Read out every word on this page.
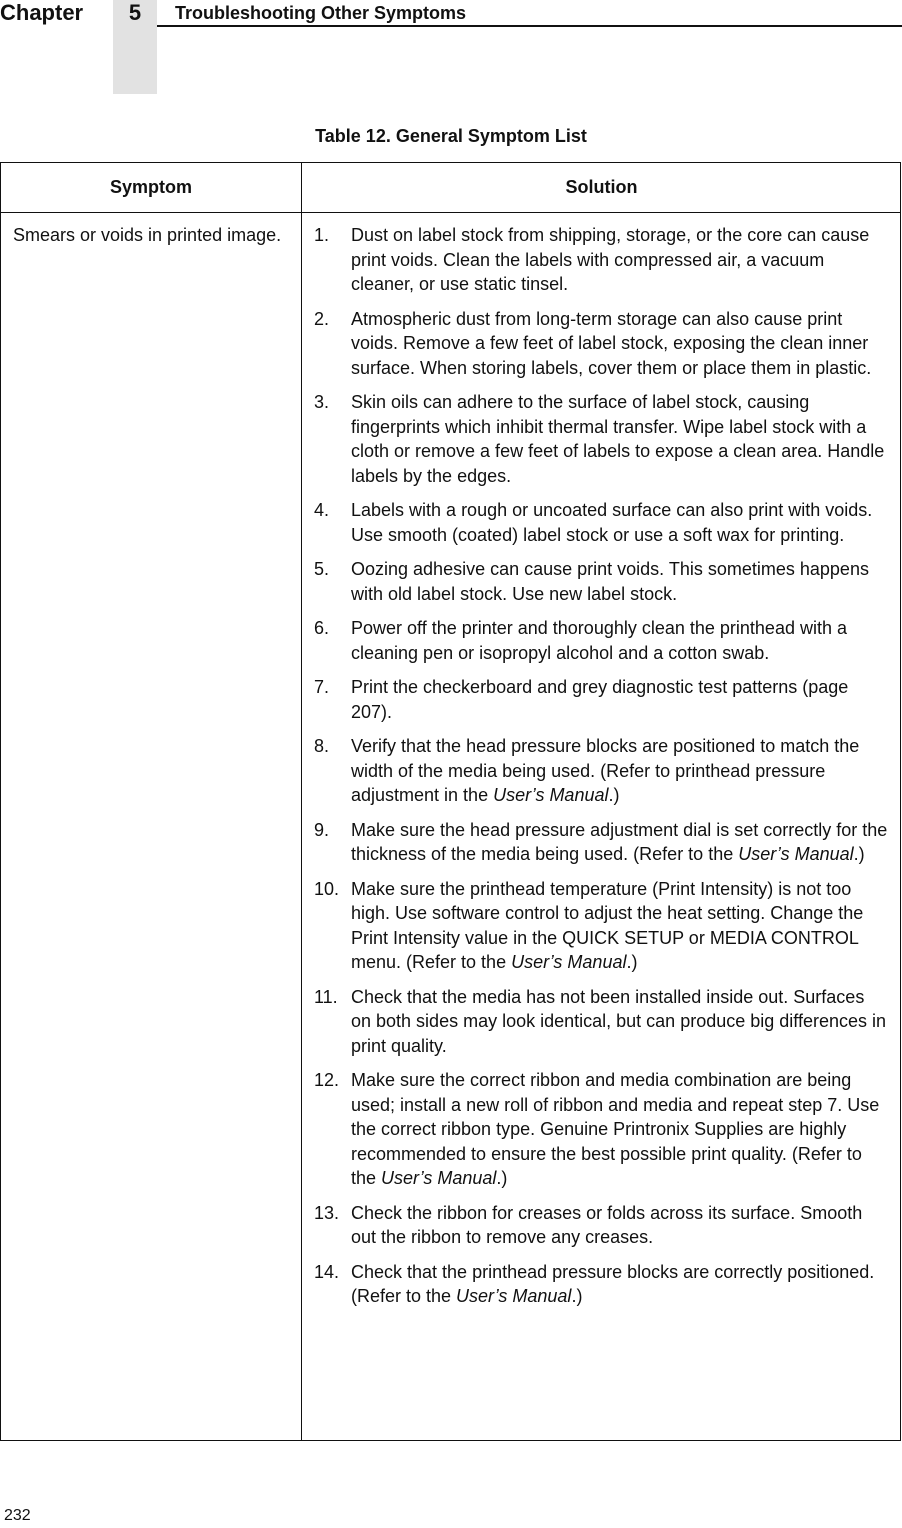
Chapter	5	Troubleshooting Other Symptoms
Table 12. General Symptom List
Symptom	Solution
Smears or voids in printed image.	1. Dust on label stock from shipping, storage, or the core can cause print voids. Clean the labels with compressed air, a vacuum cleaner, or use static tinsel.
2. Atmospheric dust from long-term storage can also cause print voids. Remove a few feet of label stock, exposing the clean inner surface. When storing labels, cover them or place them in plastic.
3. Skin oils can adhere to the surface of label stock, causing fingerprints which inhibit thermal transfer. Wipe label stock with a cloth or remove a few feet of labels to expose a clean area. Handle labels by the edges.
4. Labels with a rough or uncoated surface can also print with voids. Use smooth (coated) label stock or use a soft wax for printing.
5. Oozing adhesive can cause print voids. This sometimes happens with old label stock. Use new label stock.
6. Power off the printer and thoroughly clean the printhead with a cleaning pen or isopropyl alcohol and a cotton swab.
7. Print the checkerboard and grey diagnostic test patterns (page 207).
8. Verify that the head pressure blocks are positioned to match the width of the media being used. (Refer to printhead pressure adjustment in the User’s Manual.)
9. Make sure the head pressure adjustment dial is set correctly for the thickness of the media being used. (Refer to the User’s Manual.)
10. Make sure the printhead temperature (Print Intensity) is not too high. Use software control to adjust the heat setting. Change the Print Intensity value in the QUICK SETUP or MEDIA CONTROL menu. (Refer to the User’s Manual.)
11. Check that the media has not been installed inside out. Surfaces on both sides may look identical, but can produce big differences in print quality.
12. Make sure the correct ribbon and media combination are being used; install a new roll of ribbon and media and repeat step 7. Use the correct ribbon type. Genuine Printronix Supplies are highly recommended to ensure the best possible print quality. (Refer to the User’s Manual.)
13. Check the ribbon for creases or folds across its surface. Smooth out the ribbon to remove any creases.
14. Check that the printhead pressure blocks are correctly positioned. (Refer to the User’s Manual.)
232
